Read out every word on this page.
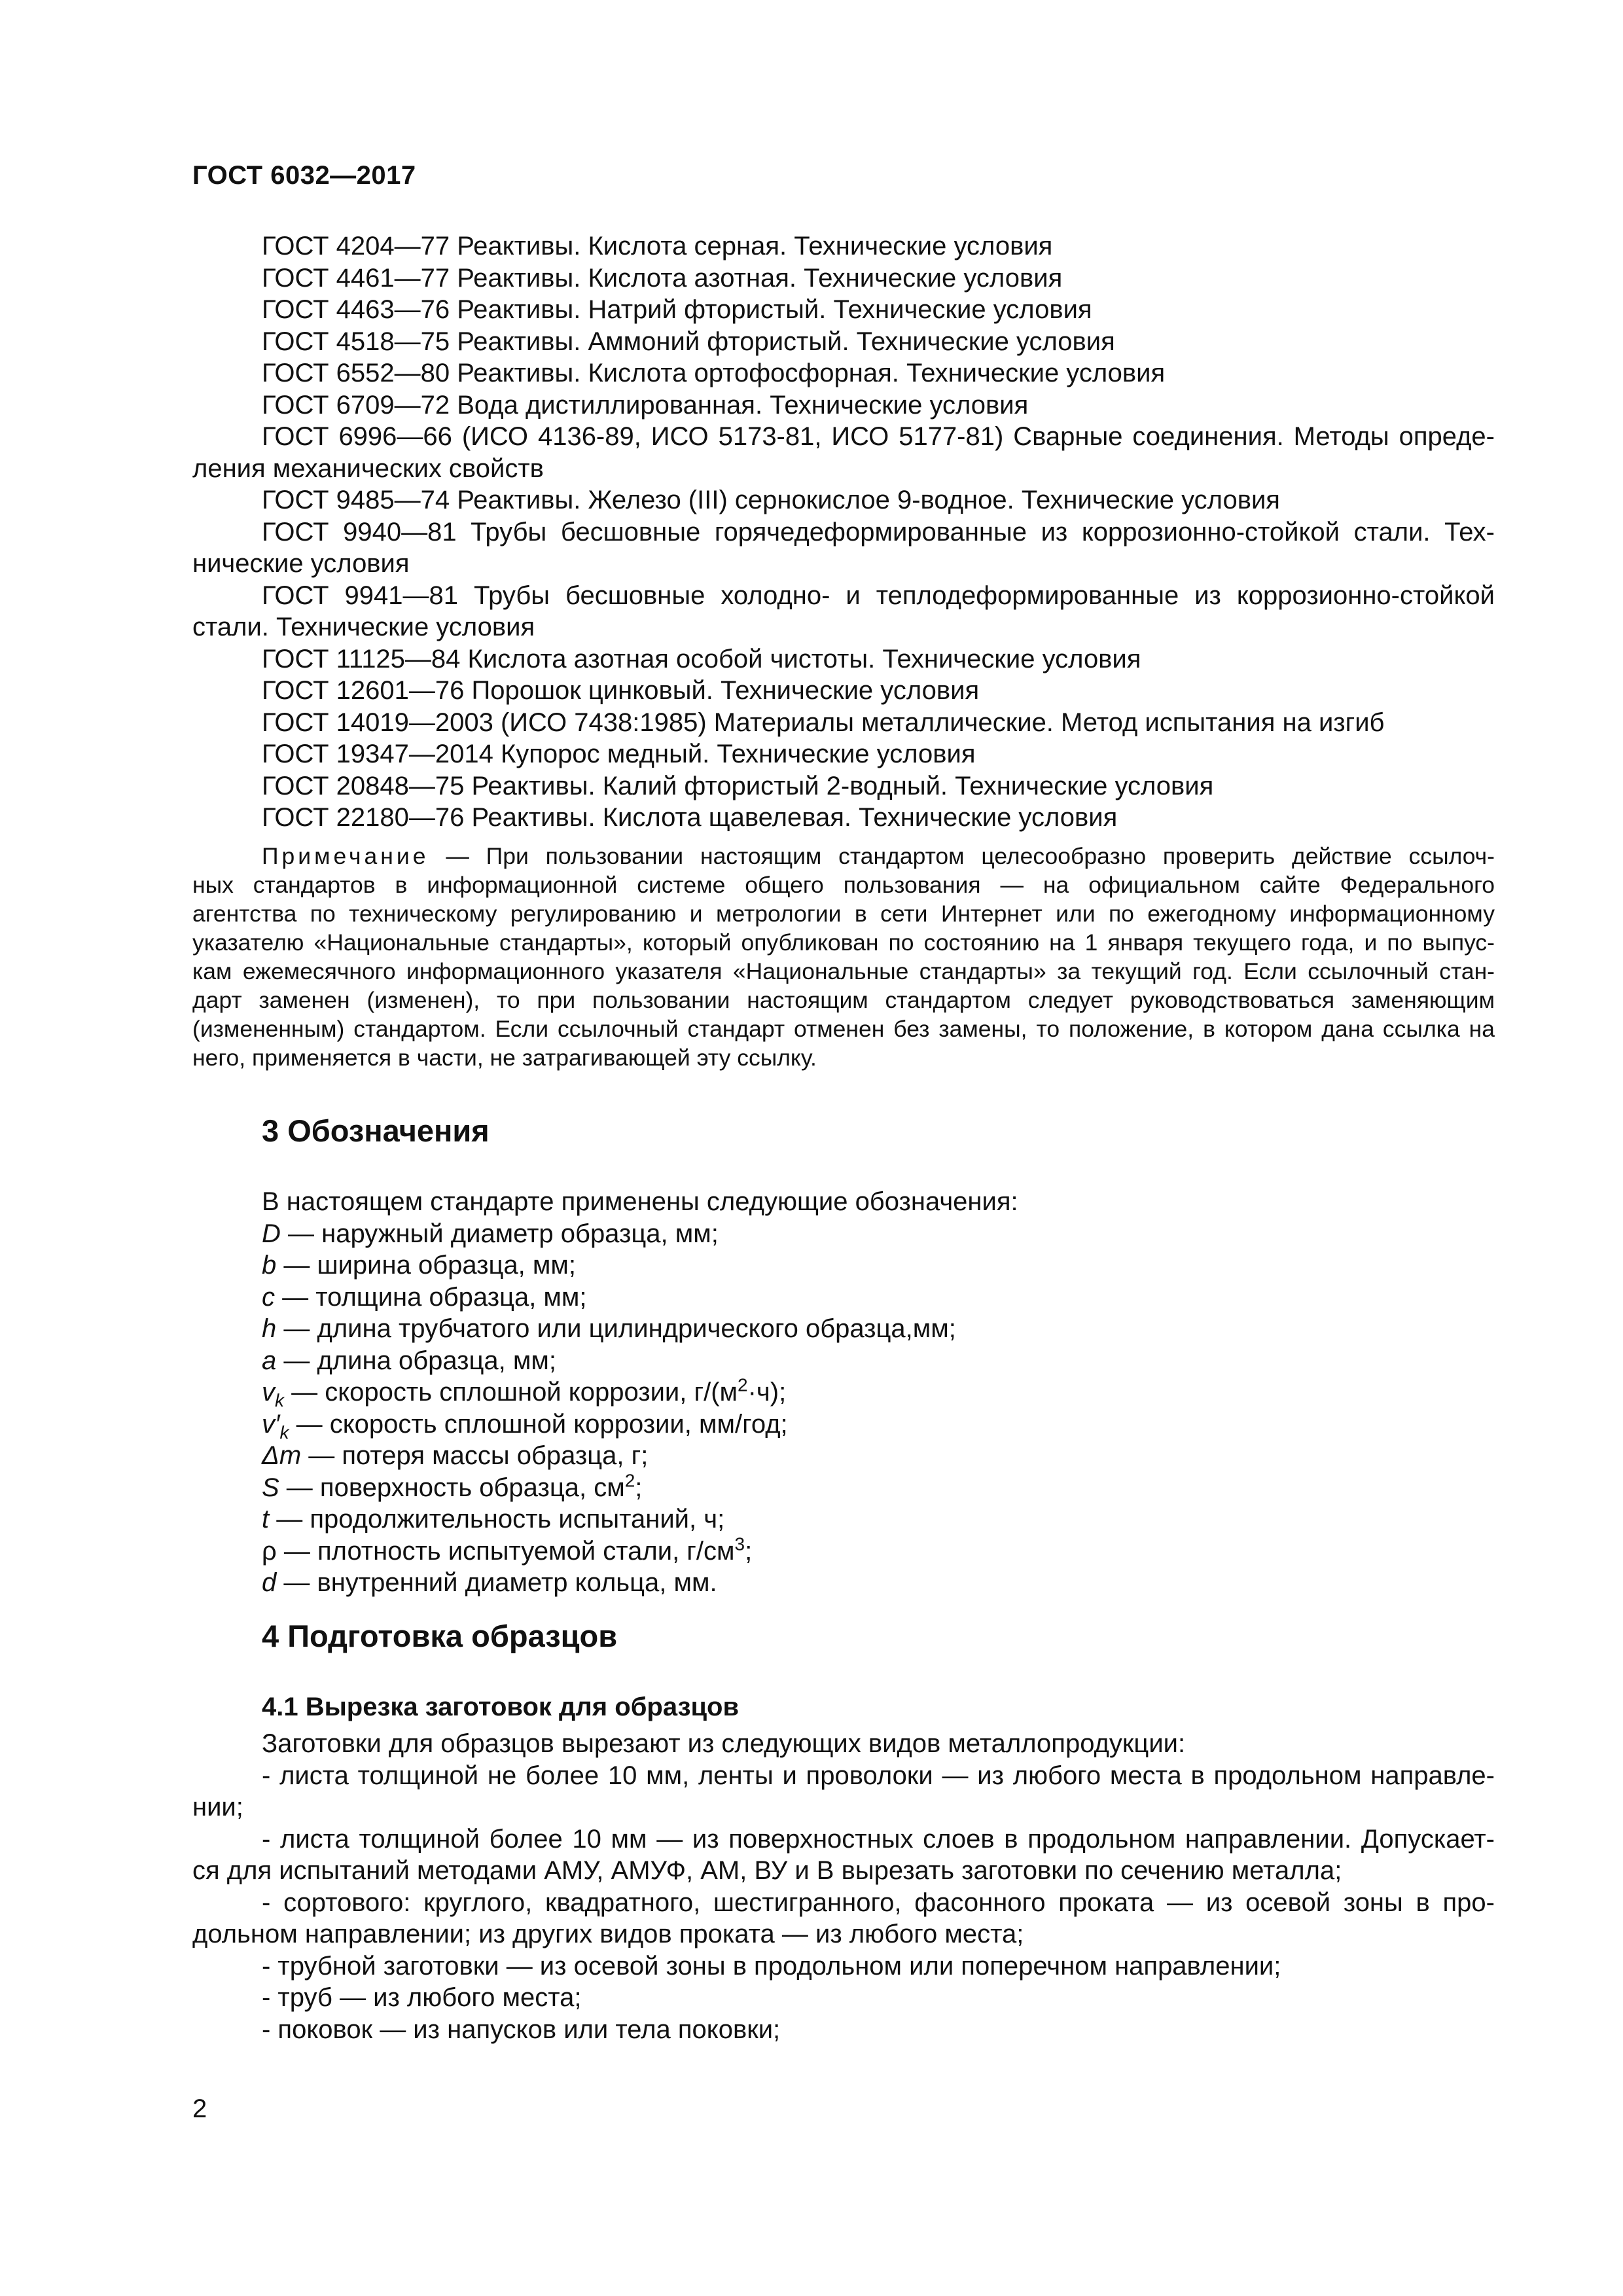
ГОСТ 6032—2017
ГОСТ 4204—77 Реактивы. Кислота серная. Технические условия
ГОСТ 4461—77 Реактивы. Кислота азотная. Технические условия
ГОСТ 4463—76 Реактивы. Натрий фтористый. Технические условия
ГОСТ 4518—75 Реактивы. Аммоний фтористый. Технические условия
ГОСТ 6552—80 Реактивы. Кислота ортофосфорная. Технические условия
ГОСТ 6709—72 Вода дистиллированная. Технические условия
ГОСТ 6996—66 (ИСО 4136-89, ИСО 5173-81, ИСО 5177-81) Сварные соединения. Методы опреде-
ления механических свойств
ГОСТ 9485—74 Реактивы. Железо (III) сернокислое 9-водное. Технические условия
ГОСТ 9940—81 Трубы бесшовные горячедеформированные из коррозионно-стойкой стали. Тех-
нические условия
ГОСТ 9941—81 Трубы бесшовные холодно- и теплодеформированные из коррозионно-стойкой
стали. Технические условия
ГОСТ 11125—84 Кислота азотная особой чистоты. Технические условия
ГОСТ 12601—76 Порошок цинковый. Технические условия
ГОСТ 14019—2003 (ИСО 7438:1985) Материалы металлические. Метод испытания на изгиб
ГОСТ 19347—2014 Купорос медный. Технические условия
ГОСТ 20848—75 Реактивы. Калий фтористый 2-водный. Технические условия
ГОСТ 22180—76 Реактивы. Кислота щавелевая. Технические условия
Примечание — При пользовании настоящим стандартом целесообразно проверить действие ссылоч-
ных стандартов в информационной системе общего пользования — на официальном сайте Федерального
агентства по техническому регулированию и метрологии в сети Интернет или по ежегодному информационному
указателю «Национальные стандарты», который опубликован по состоянию на 1 января текущего года, и по выпус-
кам ежемесячного информационного указателя «Национальные стандарты» за текущий год. Если ссылочный стан-
дарт заменен (изменен), то при пользовании настоящим стандартом следует руководствоваться заменяющим
(измененным) стандартом. Если ссылочный стандарт отменен без замены, то положение, в котором дана ссылка на
него, применяется в части, не затрагивающей эту ссылку.
3 Обозначения
В настоящем стандарте применены следующие обозначения:
D — наружный диаметр образца, мм;
b — ширина образца, мм;
c — толщина образца, мм;
h — длина трубчатого или цилиндрического образца,мм;
a — длина образца, мм;
$v_k$ — скорость сплошной коррозии, $г/(м^2\cdot ч)$;
$v'_k$ — скорость сплошной коррозии, мм/год;
Δm — потеря массы образца, г;
S — поверхность образца, $см^2$;
t — продолжительность испытаний, ч;
ρ — плотность испытуемой стали, $г/см^3$;
d — внутренний диаметр кольца, мм.
4 Подготовка образцов
4.1 Вырезка заготовок для образцов
Заготовки для образцов вырезают из следующих видов металлопродукции:
- листа толщиной не более 10 мм, ленты и проволоки — из любого места в продольном направле-
нии;
- листа толщиной более 10 мм — из поверхностных слоев в продольном направлении. Допускает-
ся для испытаний методами АМУ, АМУФ, АМ, ВУ и В вырезать заготовки по сечению металла;
- сортового: круглого, квадратного, шестигранного, фасонного проката — из осевой зоны в про-
дольном направлении; из других видов проката — из любого места;
- трубной заготовки — из осевой зоны в продольном или поперечном направлении;
- труб — из любого места;
- поковок — из напусков или тела поковки;
2
